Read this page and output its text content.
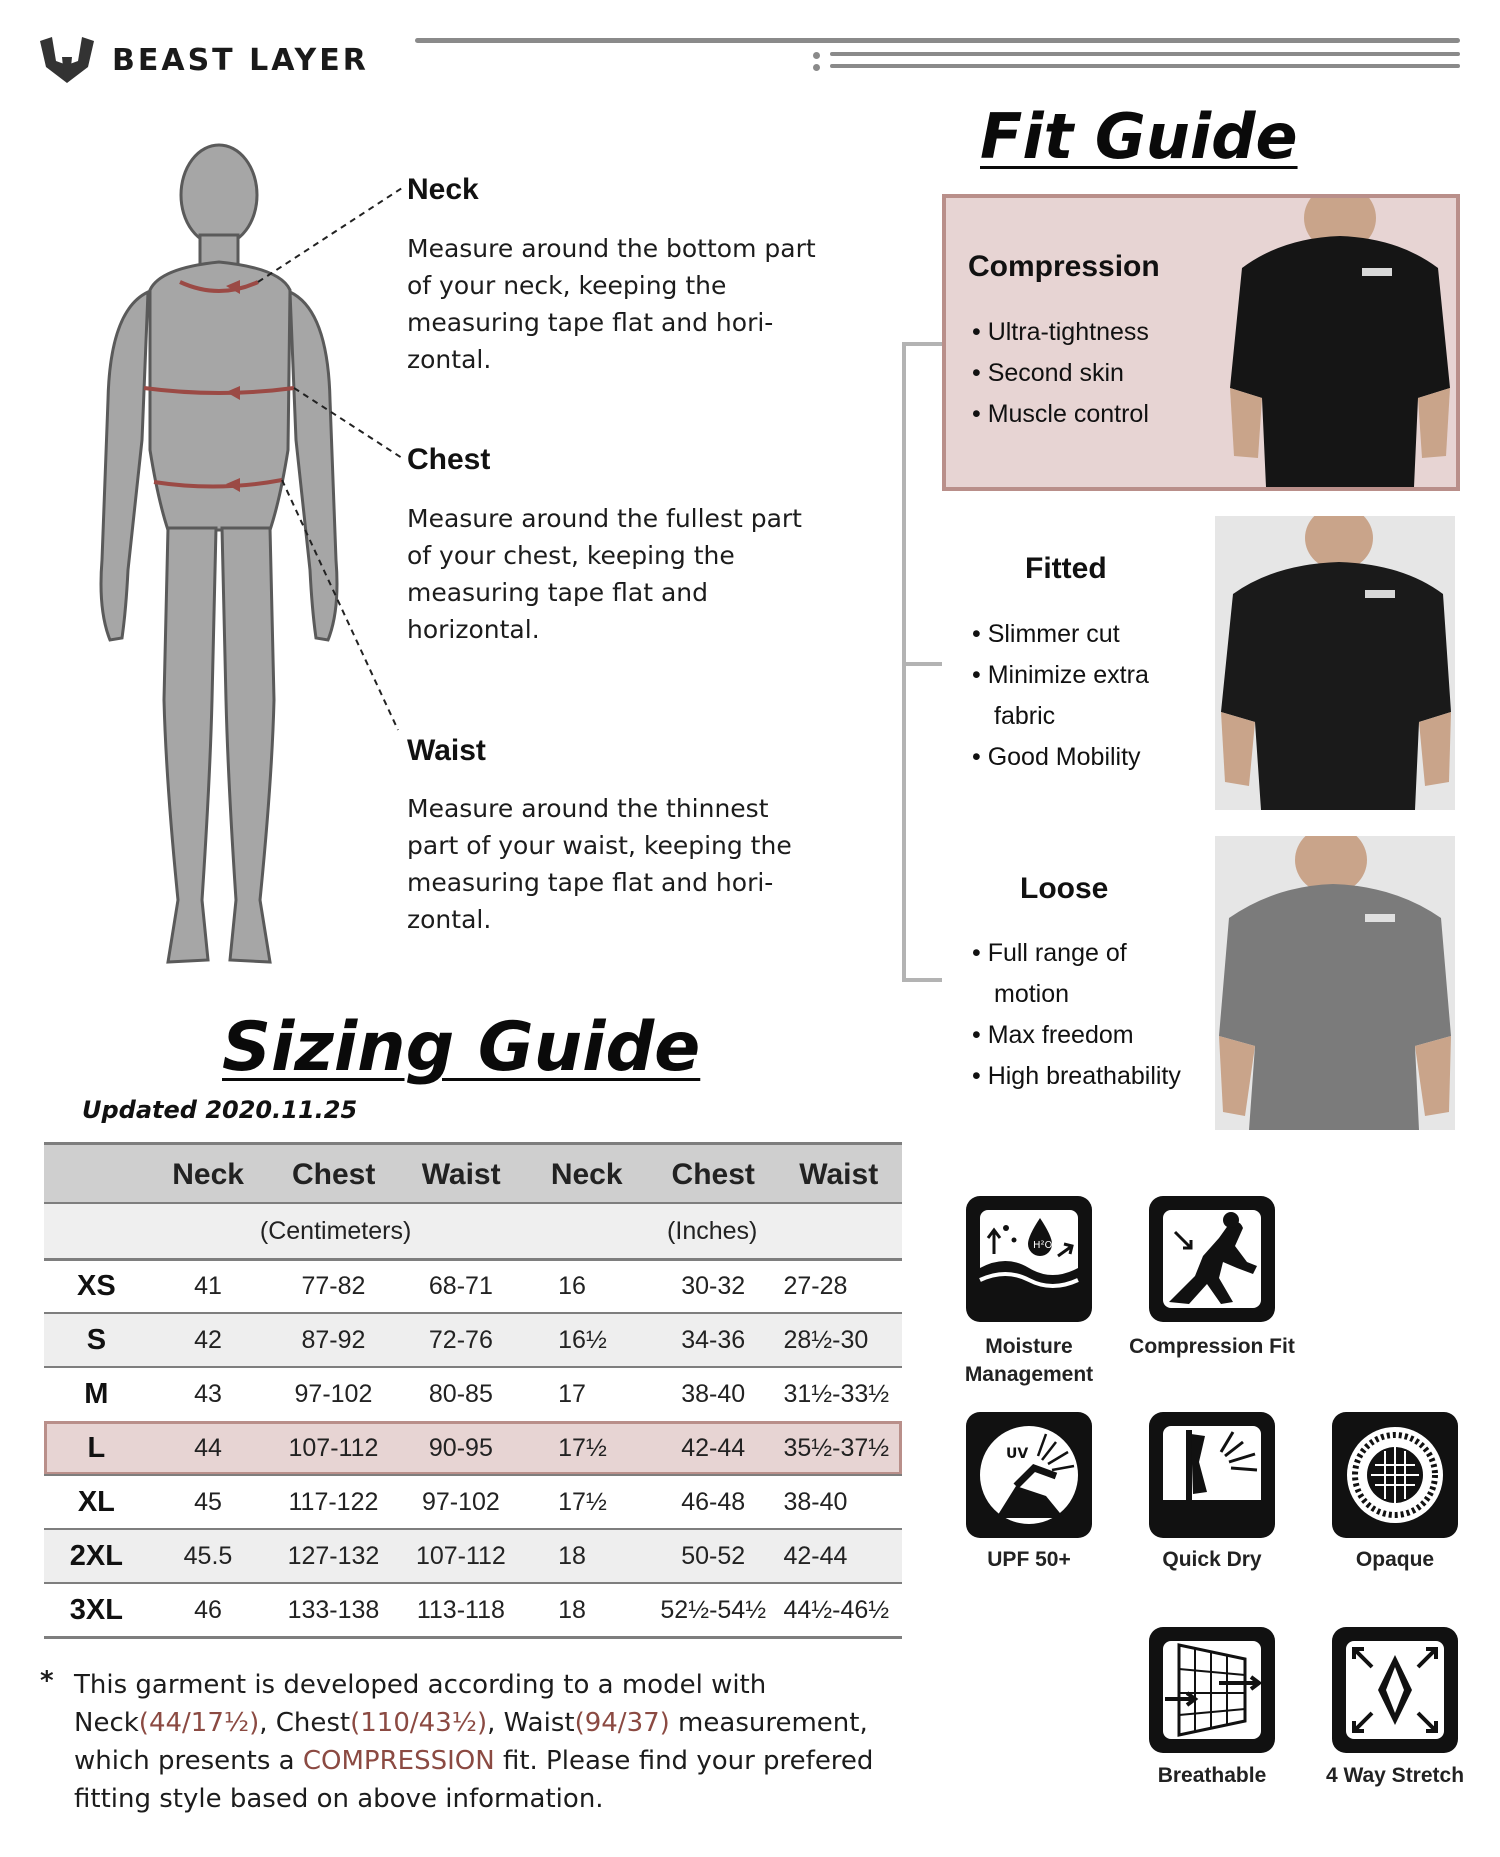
BEAST LAYER
Neck
Measure around the bottom part of your neck, keeping the measuring tape flat and hori-zontal.
Chest
Measure around the fullest part of your chest, keeping the measuring tape flat and horizontal.
Waist
Measure around the thinnest part of your waist, keeping the measuring tape flat and hori-zontal.
Fit Guide
Compression
• Ultra-tightness
• Second skin
• Muscle control
Fitted
• Slimmer cut
• Minimize extra
fabric
• Good Mobility
Loose
• Full range of
motion
• Max freedom
• High breathability
Sizing Guide
Updated 2020.11.25
Neck	Chest	Waist	Neck	Chest	Waist
(Centimeters)	(Inches)
XS	41	77-82	68-71	16	30-32	27-28
S	42	87-92	72-76	16½	34-36	28½-30
M	43	97-102	80-85	17	38-40	31½-33½
L	44	107-112	90-95	17½	42-44	35½-37½
XL	45	117-122	97-102	17½	46-48	38-40
2XL	45.5	127-132	107-112	18	50-52	42-44
3XL	46	133-138	113-118	18	52½-54½ 44½-46½
H²O
Moisture Management
Compression Fit
UV
UPF 50+	Quick Dry	Opaque
Breathable	4 Way Stretch
* This garment is developed according to a model with
Neck(44/17½), Chest(110/43½), Waist(94/37) measurement,
which presents a COMPRESSION fit. Please find your prefered
fitting style based on above information.
